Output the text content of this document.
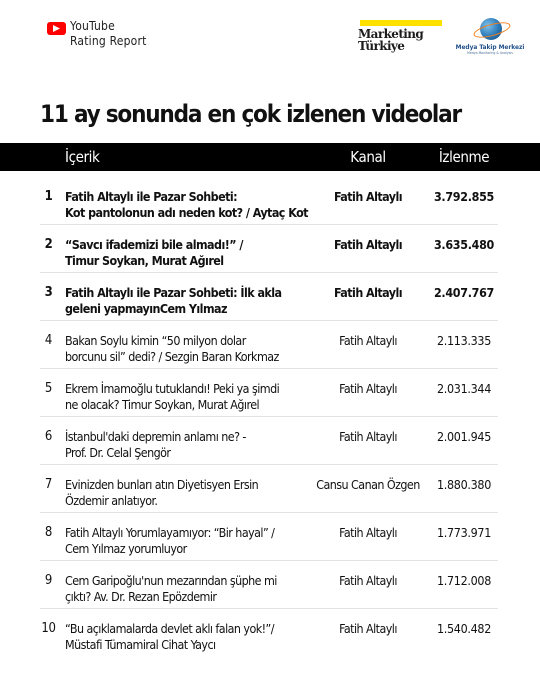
YouTube
Rating Report	Marketing
Türkiye	Medya Takip Merkezi
Medya Monitoring & Analysis
11 ay sonunda en çok izlenen videolar
İçerik	Kanal	İzlenme
1	Fatih Altaylı ile Pazar Sohbeti:
Kot pantolonun adı neden kot? / Aytaç Kot
Fatih Altaylı	3.792.855
2	“Savcı ifademizi bile almadı!” /
Timur Soykan, Murat Ağırel
Fatih Altaylı	3.635.480
3	Fatih Altaylı ile Pazar Sohbeti: İlk akla
geleni yapmayınCem Yılmaz
Fatih Altaylı	2.407.767
4	Bakan Soylu kimin “50 milyon dolar
borcunu sil” dedi? / Sezgin Baran Korkmaz
Fatih Altaylı	2.113.335
5	Ekrem İmamoğlu tutuklandı! Peki ya şimdi
ne olacak? Timur Soykan, Murat Ağırel
Fatih Altaylı	2.031.344
6	İstanbul'daki depremin anlamı ne? -
Prof. Dr. Celal Şengör
Fatih Altaylı	2.001.945
7	Evinizden bunları atın Diyetisyen Ersin
Özdemir anlatıyor.
Cansu Canan Özgen	1.880.380
8	Fatih Altaylı Yorumlayamıyor: “Bir hayal” /
Cem Yılmaz yorumluyor
Fatih Altaylı	1.773.971
9	Cem Garipoğlu'nun mezarından şüphe mi
çıktı? Av. Dr. Rezan Epözdemir
Fatih Altaylı	1.712.008
10 “Bu açıklamalarda devlet aklı falan yok!”/
Müstafi Tümamiral Cihat Yaycı
Fatih Altaylı	1.540.482
